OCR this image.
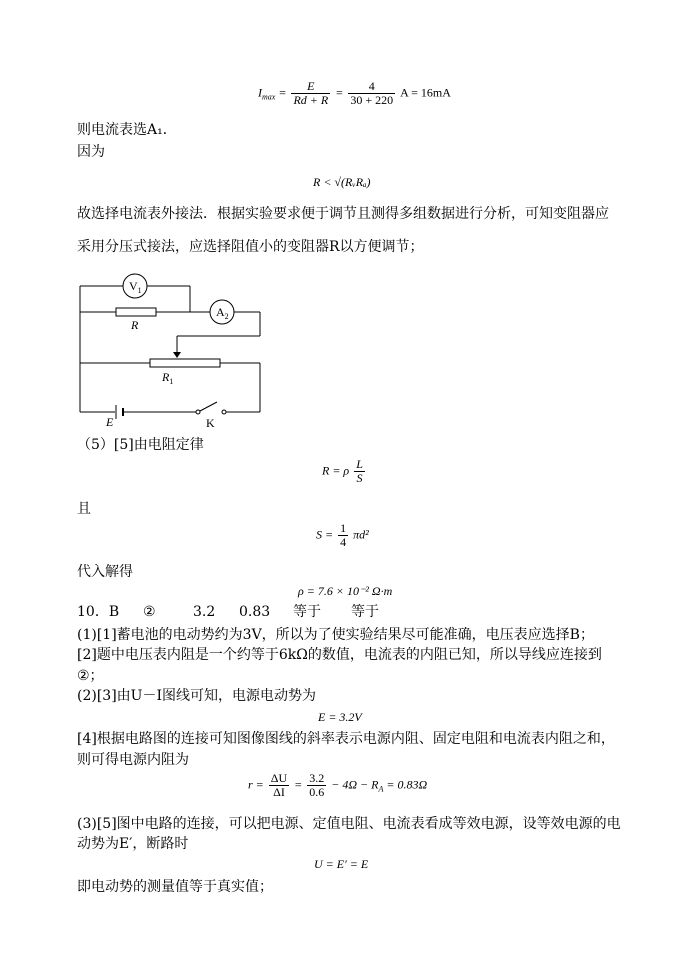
$I_{max} = \frac{E}{Rd + R} = \frac{4}{30 + 220}$ A = 16mA
则电流表选A₁．
因为
R < √(RᵥRₐ)
故选择电流表外接法．根据实验要求便于调节且测得多组数据进行分析，可知变阻器应
采用分压式接法，应选择阻值小的变阻器R以方便调节；
$V_1$
R
$A_2$
$R_1$
E	K
（5）[5]由电阻定律
R = ρ $\frac{L}{S}$
且
$S = \frac{1}{4} \pi d^2$
代入解得
ρ = 7.6 × 10⁻² Ω·m
10．B ②	3.2 0.83 等于 等于
(1)[1]蓄电池的电动势约为3V，所以为了使实验结果尽可能准确，电压表应选择B；
[2]题中电压表内阻是一个约等于6kΩ的数值，电流表的内阻已知，所以导线应连接到
②；
(2)[3]由U－I图线可知，电源电动势为
E = 3.2V
[4]根据电路图的连接可知图像图线的斜率表示电源内阻、固定电阻和电流表内阻之和，
则可得电源内阻为
$r = \frac{\Delta U}{\Delta I} = \frac{3.2}{0.6} - 4\Omega - R_A = 0.83\Omega$
(3)[5]图中电路的连接，可以把电源、定值电阻、电流表看成等效电源，设等效电源的电
动势为E′，断路时
U = E′ = E
即电动势的测量值等于真实值；
